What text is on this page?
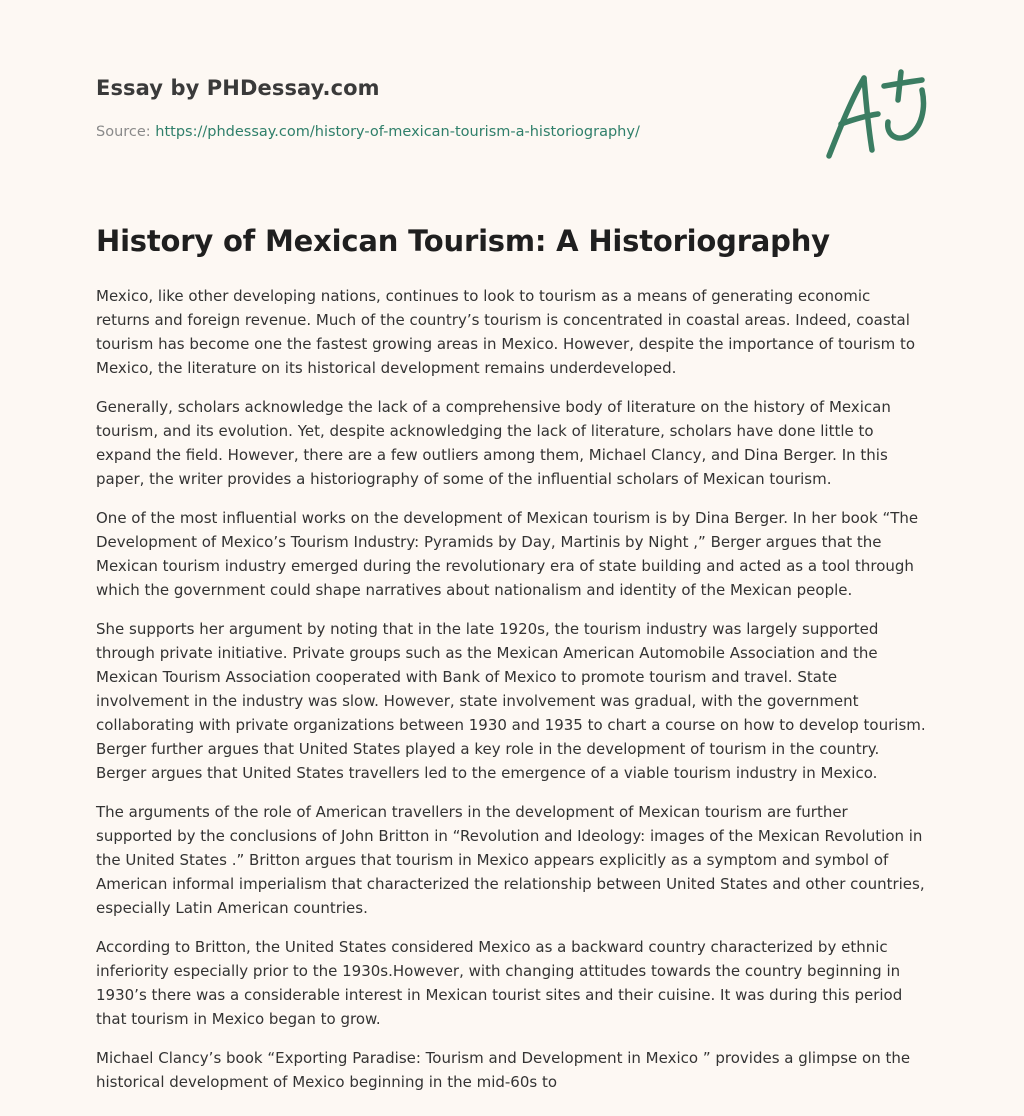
Essay by PHDessay.com
Source: https://phdessay.com/history-of-mexican-tourism-a-historiography/
History of Mexican Tourism: A Historiography

Mexico, like other developing nations, continues to look to tourism as a means of generating economic returns and foreign revenue. Much of the country’s tourism is concentrated in coastal areas. Indeed, coastal tourism has become one the fastest growing areas in Mexico. However, despite the importance of tourism to Mexico, the literature on its historical development remains underdeveloped.

Generally, scholars acknowledge the lack of a comprehensive body of literature on the history of Mexican tourism, and its evolution. Yet, despite acknowledging the lack of literature, scholars have done little to expand the field. However, there are a few outliers among them, Michael Clancy, and Dina Berger. In this paper, the writer provides a historiography of some of the influential scholars of Mexican tourism.

One of the most influential works on the development of Mexican tourism is by Dina Berger. In her book “The Development of Mexico’s Tourism Industry: Pyramids by Day, Martinis by Night ,” Berger argues that the Mexican tourism industry emerged during the revolutionary era of state building and acted as a tool through which the government could shape narratives about nationalism and identity of the Mexican people.

She supports her argument by noting that in the late 1920s, the tourism industry was largely supported through private initiative. Private groups such as the Mexican American Automobile Association and the Mexican Tourism Association cooperated with Bank of Mexico to promote tourism and travel. State involvement in the industry was slow. However, state involvement was gradual, with the government collaborating with private organizations between 1930 and 1935 to chart a course on how to develop tourism. Berger further argues that United States played a key role in the development of tourism in the country. Berger argues that United States travellers led to the emergence of a viable tourism industry in Mexico.

The arguments of the role of American travellers in the development of Mexican tourism are further supported by the conclusions of John Britton in “Revolution and Ideology: images of the Mexican Revolution in the United States .” Britton argues that tourism in Mexico appears explicitly as a symptom and symbol of American informal imperialism that characterized the relationship between United States and other countries, especially Latin American countries.

According to Britton, the United States considered Mexico as a backward country characterized by ethnic inferiority especially prior to the 1930s.However, with changing attitudes towards the country beginning in 1930’s there was a considerable interest in Mexican tourist sites and their cuisine. It was during this period that tourism in Mexico began to grow.

Michael Clancy’s book “Exporting Paradise: Tourism and Development in Mexico ” provides a glimpse on the historical development of Mexico beginning in the mid-60s to
